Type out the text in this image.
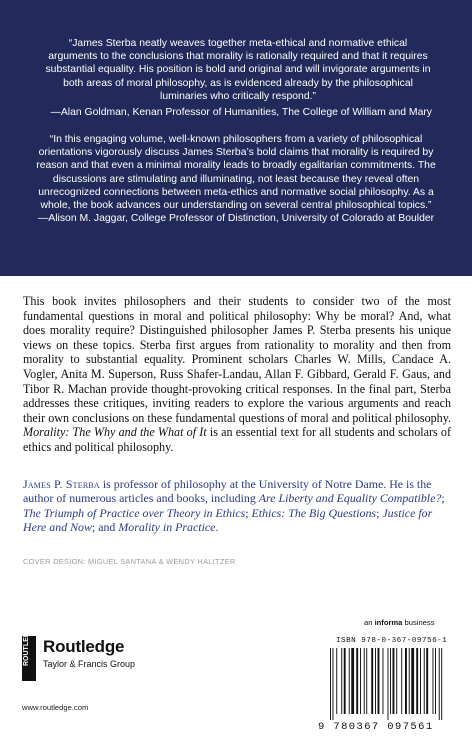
“James Sterba neatly weaves together meta-ethical and normative ethical arguments to the conclusions that morality is rationally required and that it requires substantial equality. His position is bold and original and will invigorate arguments in both areas of moral philosophy, as is evidenced already by the philosophical luminaries who critically respond.”
—Alan Goldman, Kenan Professor of Humanities, The College of William and Mary

“In this engaging volume, well-known philosophers from a variety of philosophical orientations vigorously discuss James Sterba’s bold claims that morality is required by reason and that even a minimal morality leads to broadly egalitarian commitments. The discussions are stimulating and illuminating, not least because they reveal often unrecognized connections between meta-ethics and normative social philosophy. As a whole, the book advances our understanding on several central philosophical topics.”
—Alison M. Jaggar, College Professor of Distinction, University of Colorado at Boulder

This book invites philosophers and their students to consider two of the most fundamental questions in moral and political philosophy: Why be moral? And, what does morality require? Distinguished philosopher James P. Sterba presents his unique views on these topics. Sterba first argues from rationality to morality and then from morality to substantial equality. Prominent scholars Charles W. Mills, Candace A. Vogler, Anita M. Superson, Russ Shafer-Landau, Allan F. Gibbard, Gerald F. Gaus, and Tibor R. Machan provide thought-provoking critical responses. In the final part, Sterba addresses these critiques, inviting readers to explore the various arguments and reach their own conclusions on these fundamental questions of moral and political philosophy. Morality: The Why and the What of It is an essential text for all students and scholars of ethics and political philosophy.

James P. Sterba is professor of philosophy at the University of Notre Dame. He is the author of numerous articles and books, including Are Liberty and Equality Compatible?; The Triumph of Practice over Theory in Ethics; Ethics: The Big Questions; Justice for Here and Now; and Morality in Practice.

COVER DESIGN: MIGUEL SANTANA & WENDY HALITZER
an informa business
ROUTLEDGE Routledge
Taylor & Francis Group
www.routledge.com
ISBN 978-0-367-09756-1
9 780367 097561
